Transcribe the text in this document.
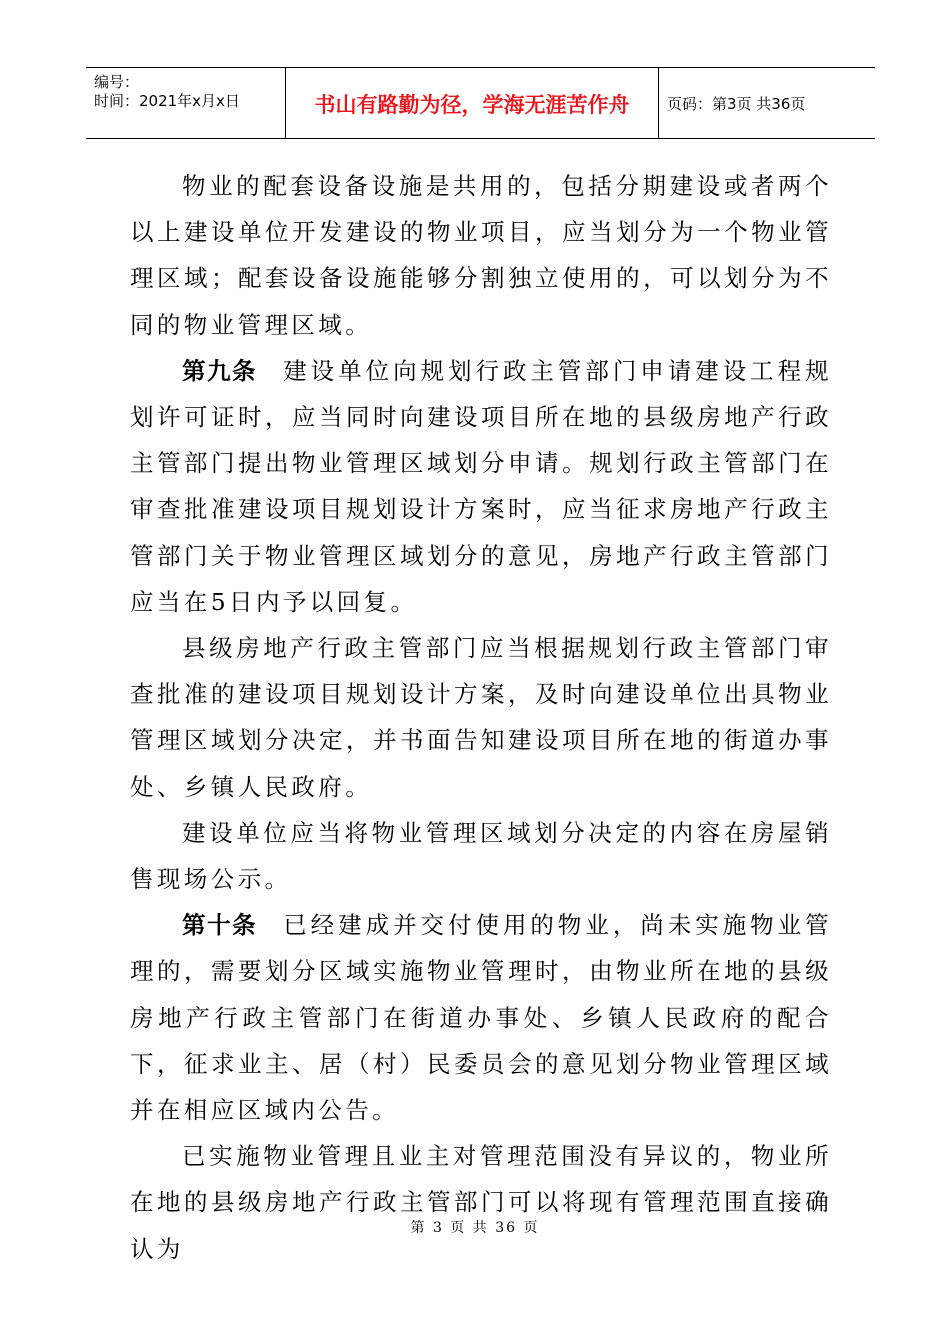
编号：
时间：2021年x月x日	书山有路勤为径，学海无涯苦作舟	页码：第3页 共36页

物业的配套设备设施是共用的，包括分期建设或者两个以上建设单位开发建设的物业项目，应当划分为一个物业管理区域；配套设备设施能够分割独立使用的，可以划分为不同的物业管理区域。

第九条 建设单位向规划行政主管部门申请建设工程规划许可证时，应当同时向建设项目所在地的县级房地产行政主管部门提出物业管理区域划分申请。规划行政主管部门在审查批准建设项目规划设计方案时，应当征求房地产行政主管部门关于物业管理区域划分的意见，房地产行政主管部门应当在5日内予以回复。

县级房地产行政主管部门应当根据规划行政主管部门审查批准的建设项目规划设计方案，及时向建设单位出具物业管理区域划分决定，并书面告知建设项目所在地的街道办事处、乡镇人民政府。

建设单位应当将物业管理区域划分决定的内容在房屋销售现场公示。

第十条 已经建成并交付使用的物业，尚未实施物业管理的，需要划分区域实施物业管理时，由物业所在地的县级房地产行政主管部门在街道办事处、乡镇人民政府的配合下，征求业主、居（村）民委员会的意见划分物业管理区域并在相应区域内公告。

已实施物业管理且业主对管理范围没有异议的，物业所在地的县级房地产行政主管部门可以将现有管理范围直接确认为

第 3 页 共 36 页
